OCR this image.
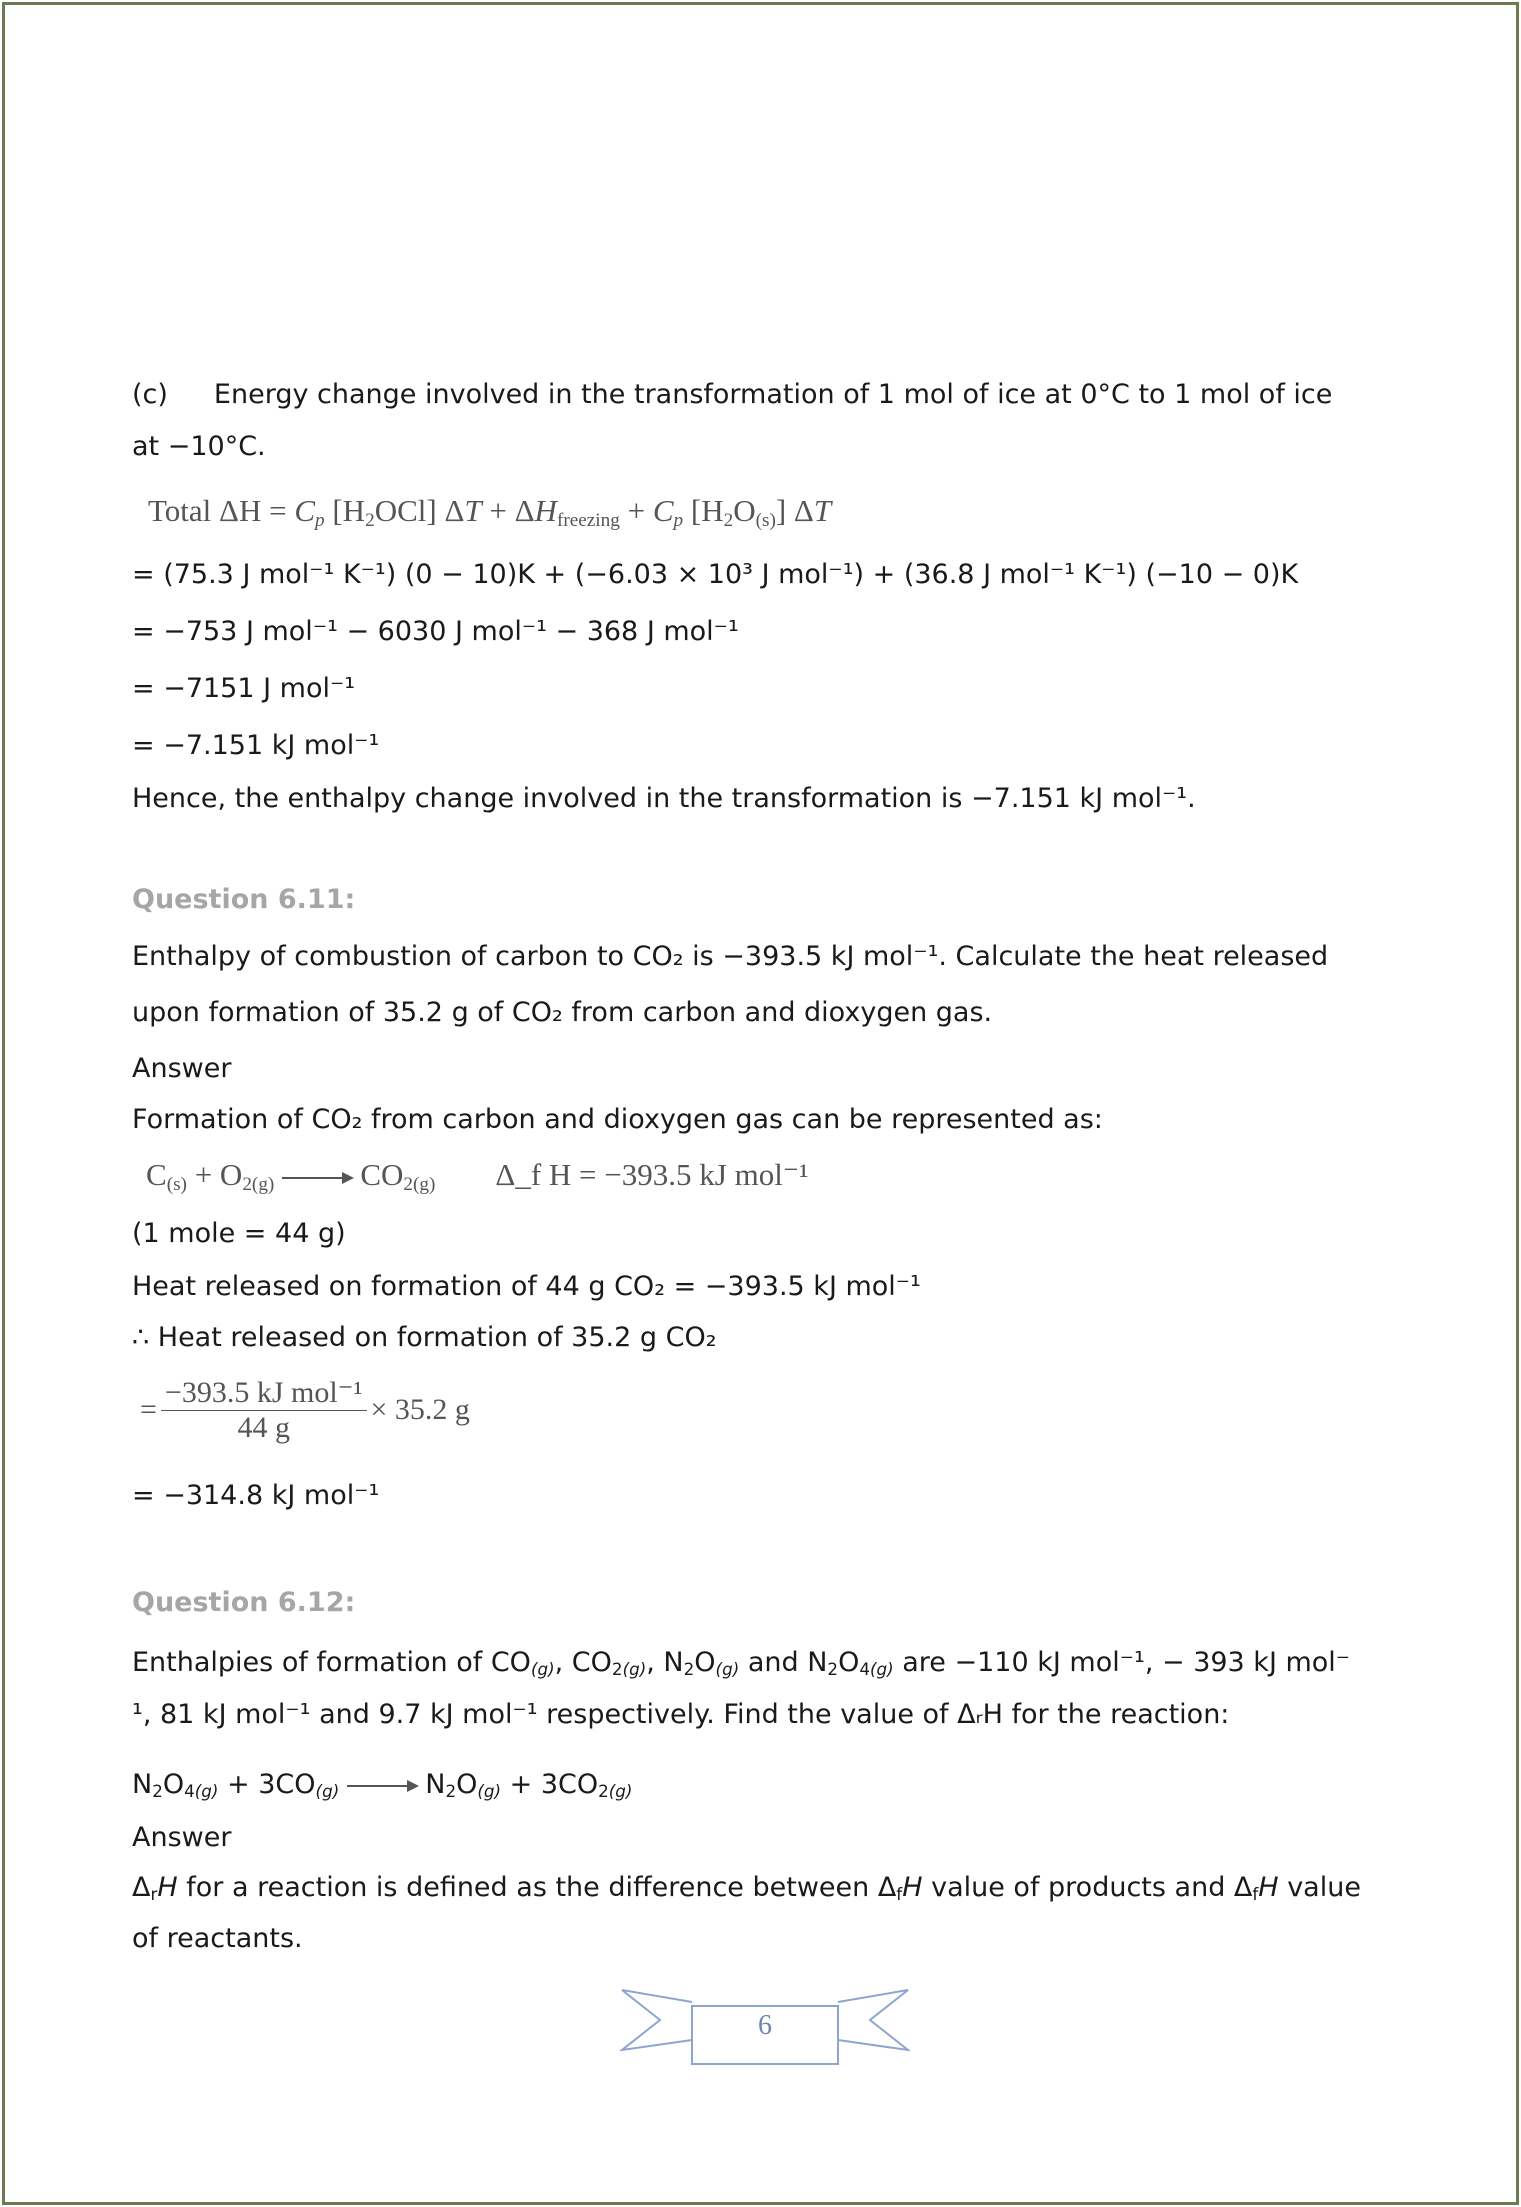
(c) Energy change involved in the transformation of 1 mol of ice at 0°C to 1 mol of ice
at −10°C.
Total $\Delta H = C_p$ $[H_2OCl] \Delta T + \Delta H_{freezing} + C_p$ $[H_2O_{(s)}]$ ΔT
= (75.3 J mol⁻¹ K⁻¹) (0 − 10)K + (−6.03 × 10³ J mol⁻¹) + (36.8 J mol⁻¹ K⁻¹) (−10 − 0)K
= −753 J mol⁻¹ − 6030 J mol⁻¹ − 368 J mol⁻¹
= −7151 J mol⁻¹
= −7.151 kJ mol⁻¹
Hence, the enthalpy change involved in the transformation is −7.151 kJ mol⁻¹.
Question 6.11:
Enthalpy of combustion of carbon to CO₂ is −393.5 kJ mol⁻¹. Calculate the heat released
upon formation of 35.2 g of CO₂ from carbon and dioxygen gas.
Answer
Formation of CO₂ from carbon and dioxygen gas can be represented as:
$C_{(s)} + O_{2(g)}$	$CO_{2(g)}$ Δ_f H = −393.5 kJ mol⁻¹
(1 mole = 44 g)
Heat released on formation of 44 g CO₂ = −393.5 kJ mol⁻¹
∴ Heat released on formation of 35.2 g CO₂
=
−393.5 kJ mol⁻¹
44 g
× 35.2 g
= −314.8 kJ mol⁻¹
Question 6.12:
Enthalpies of formation of $CO_{(g)}$, $CO_{2(g)}$, $N_2O_{(g)}$ and $N_2O_{4(g)}$ are −110 kJ mol⁻¹, − 393 kJ mol⁻
¹, 81 kJ mol⁻¹ and 9.7 kJ mol⁻¹ respectively. Find the value of ΔᵣH for the reaction:
$N_2O_{4(g)} + 3CO_{(g)}$	$N_2O_{(g)} + 3CO_{2(g)}$
Answer
$\Delta_rH$ for a reaction is defined as the difference between $\Delta_fH$ value of products and $\Delta_fH$ value
of reactants.
6
